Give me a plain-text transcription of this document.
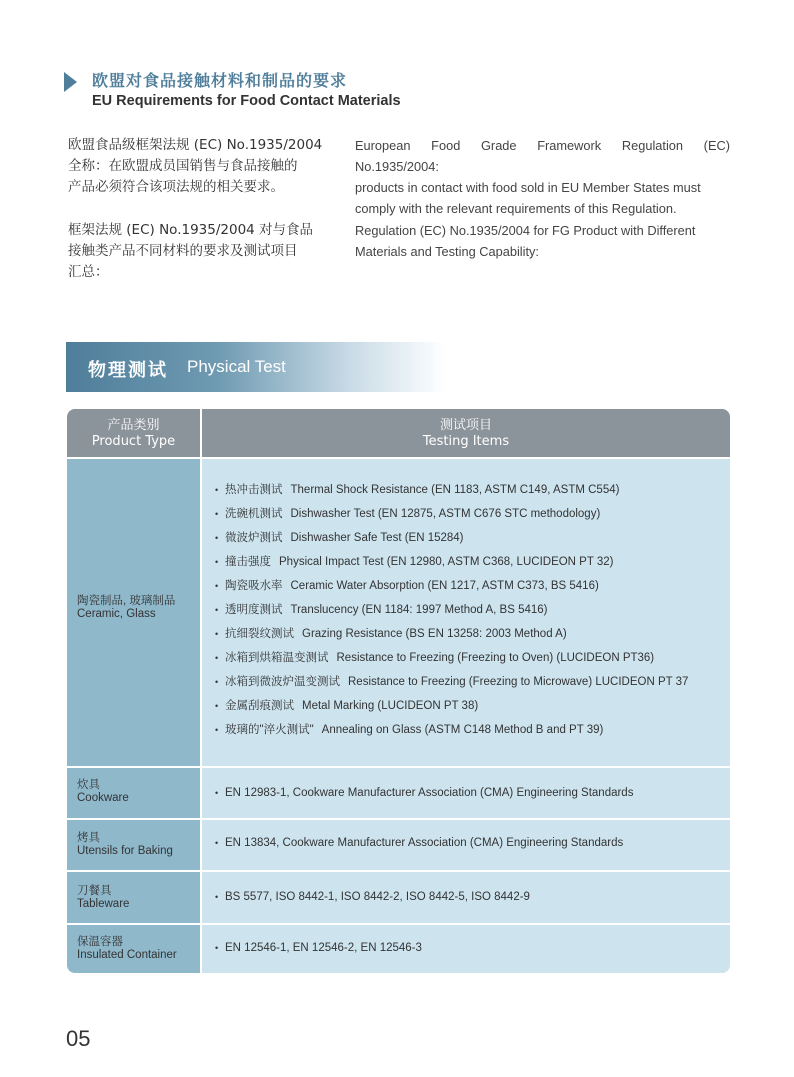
欧盟对食品接触材料和制品的要求
EU Requirements for Food Contact Materials
欧盟食品级框架法规 (EC) No.1935/2004
全称：在欧盟成员国销售与食品接触的
产品必须符合该项法规的相关要求。
框架法规 (EC) No.1935/2004 对与食品
接触类产品不同材料的要求及测试项目
汇总：
European Food Grade Framework Regulation (EC) No.1935/2004:
products in contact with food sold in EU Member States must
comply with the relevant requirements of this Regulation.
Regulation (EC) No.1935/2004 for FG Product with Different
Materials and Testing Capability:
物理测试 Physical Test
产品类别
Product Type
测试项目
Testing Items
陶瓷制品, 玻璃制品
Ceramic, Glass
• 热冲击测试 Thermal Shock Resistance (EN 1183, ASTM C149, ASTM C554)
• 洗碗机测试 Dishwasher Test (EN 12875, ASTM C676 STC methodology)
• 微波炉测试 Dishwasher Safe Test (EN 15284)
• 撞击强度 Physical Impact Test (EN 12980, ASTM C368, LUCIDEON PT 32)
• 陶瓷吸水率 Ceramic Water Absorption (EN 1217, ASTM C373, BS 5416)
• 透明度测试 Translucency (EN 1184: 1997 Method A, BS 5416)
• 抗细裂纹测试 Grazing Resistance (BS EN 13258: 2003 Method A)
• 冰箱到烘箱温变测试 Resistance to Freezing (Freezing to Oven) (LUCIDEON PT36)
• 冰箱到微波炉温变测试 Resistance to Freezing (Freezing to Microwave) LUCIDEON PT 37
• 金属刮痕测试 Metal Marking (LUCIDEON PT 38)
• 玻璃的"淬火测试" Annealing on Glass (ASTM C148 Method B and PT 39)
炊具
Cookware	• EN 12983-1, Cookware Manufacturer Association (CMA) Engineering Standards
烤具
Utensils for Baking
• EN 13834, Cookware Manufacturer Association (CMA) Engineering Standards
刀餐具
Tableware
• BS 5577, ISO 8442-1, ISO 8442-2, ISO 8442-5, ISO 8442-9
保温容器
Insulated Container
• EN 12546-1, EN 12546-2, EN 12546-3
05
